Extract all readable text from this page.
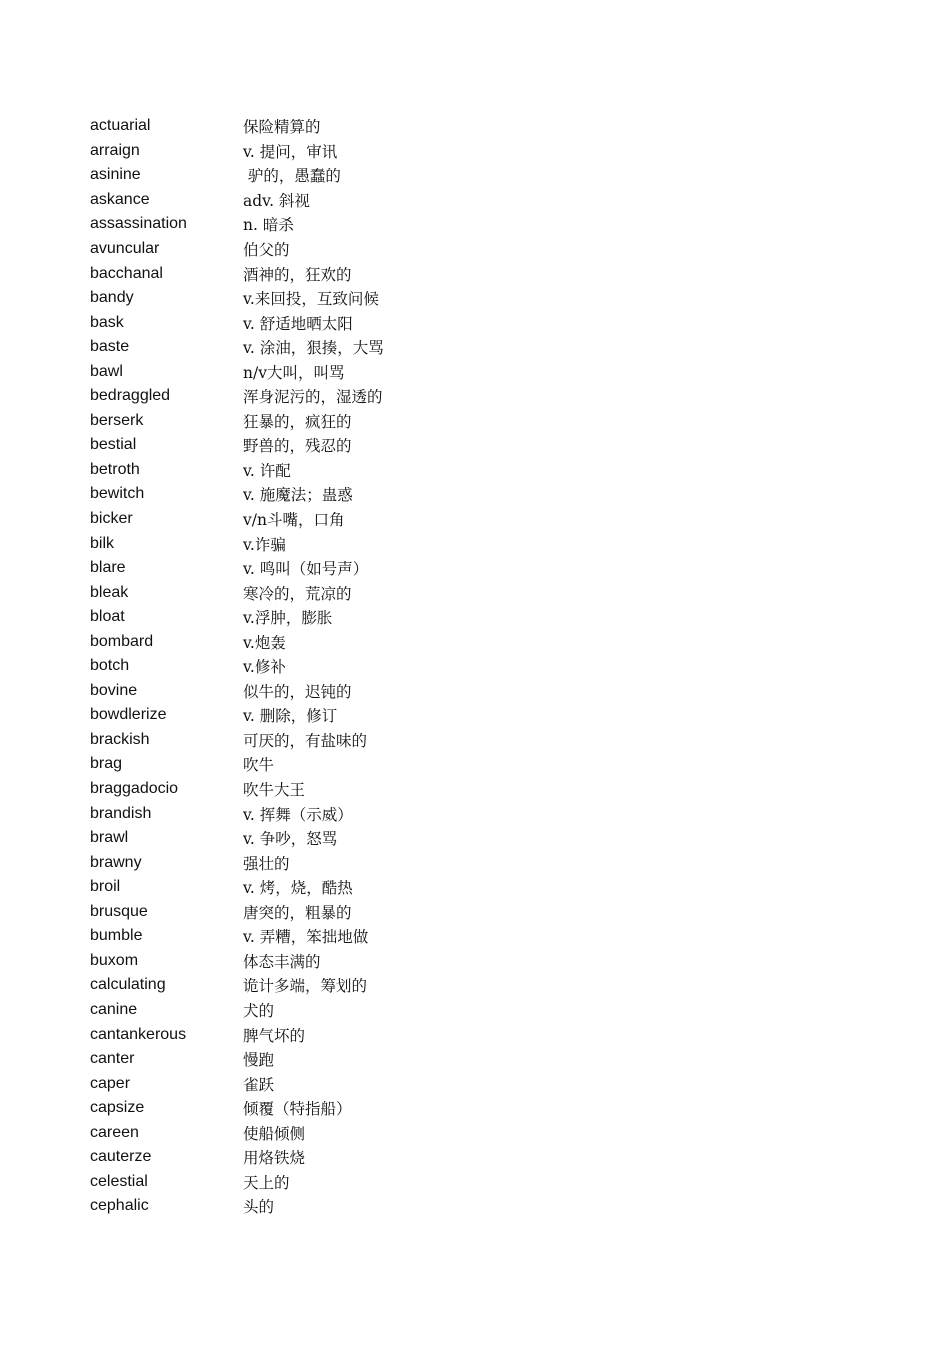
actuarial	保险精算的
arraign	v. 提问，审讯
asinine	驴的，愚蠢的
askance	adv. 斜视
assassination	n. 暗杀
avuncular	伯父的
bacchanal	酒神的，狂欢的
bandy	v.来回投，互致问候
bask	v. 舒适地晒太阳
baste	v. 涂油，狠揍，大骂
bawl	n/v大叫，叫骂
bedraggled	浑身泥污的，湿透的
berserk	狂暴的，疯狂的
bestial	野兽的，残忍的
betroth	v. 许配
bewitch	v. 施魔法；蛊惑
bicker	v/n斗嘴，口角
bilk	v.诈骗
blare	v. 鸣叫（如号声）
bleak	寒冷的，荒凉的
bloat	v.浮肿，膨胀
bombard	v.炮轰
botch	v.修补
bovine	似牛的，迟钝的
bowdlerize	v. 删除，修订
brackish	可厌的，有盐味的
brag	吹牛
braggadocio	吹牛大王
brandish	v. 挥舞（示威）
brawl	v. 争吵，怒骂
brawny	强壮的
broil	v. 烤，烧，酷热
brusque	唐突的，粗暴的
bumble	v. 弄糟，笨拙地做
buxom	体态丰满的
calculating	诡计多端，筹划的
canine	犬的
cantankerous	脾气坏的
canter	慢跑
caper	雀跃
capsize	倾覆（特指船）
careen	使船倾侧
cauterze	用烙铁烧
celestial	天上的
cephalic	头的
